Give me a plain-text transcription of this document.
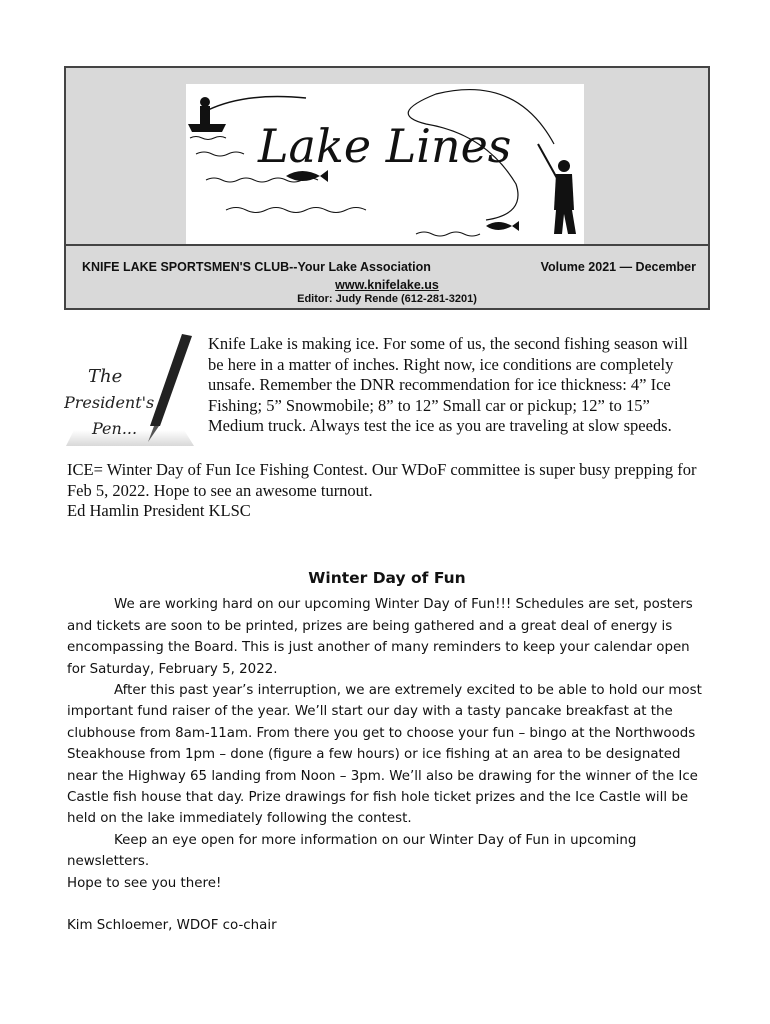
Lake Lines
KNIFE LAKE SPORTSMEN'S CLUB--Your Lake Association	Volume 2021 — December
www.knifelake.us
Editor: Judy Rende (612-281-3201)
The
President's
Pen...
Knife Lake is making ice. For some of us, the second fishing season will be here in a matter of inches. Right now, ice conditions are completely unsafe. Remember the DNR recommendation for ice thickness: 4” Ice Fishing; 5” Snowmobile; 8” to 12” Small car or pickup; 12” to 15” Medium truck. Always test the ice as you are traveling at slow speeds.
ICE= Winter Day of Fun Ice Fishing Contest. Our WDoF committee is super busy prepping for Feb 5, 2022. Hope to see an awesome turnout.
Ed Hamlin President KLSC
Winter Day of Fun

We are working hard on our upcoming Winter Day of Fun!!! Schedules are set, posters and tickets are soon to be printed, prizes are being gathered and a great deal of energy is encompassing the Board. This is just another of many reminders to keep your calendar open for Saturday, February 5, 2022.

After this past year’s interruption, we are extremely excited to be able to hold our most important fund raiser of the year. We’ll start our day with a tasty pancake breakfast at the clubhouse from 8am-11am. From there you get to choose your fun – bingo at the Northwoods Steakhouse from 1pm – done (figure a few hours) or ice fishing at an area to be designated near the Highway 65 landing from Noon – 3pm. We’ll also be drawing for the winner of the Ice Castle fish house that day. Prize drawings for fish hole ticket prizes and the Ice Castle will be held on the lake immediately following the contest.

Keep an eye open for more information on our Winter Day of Fun in upcoming newsletters.

Hope to see you there!

Kim Schloemer, WDOF co-chair
